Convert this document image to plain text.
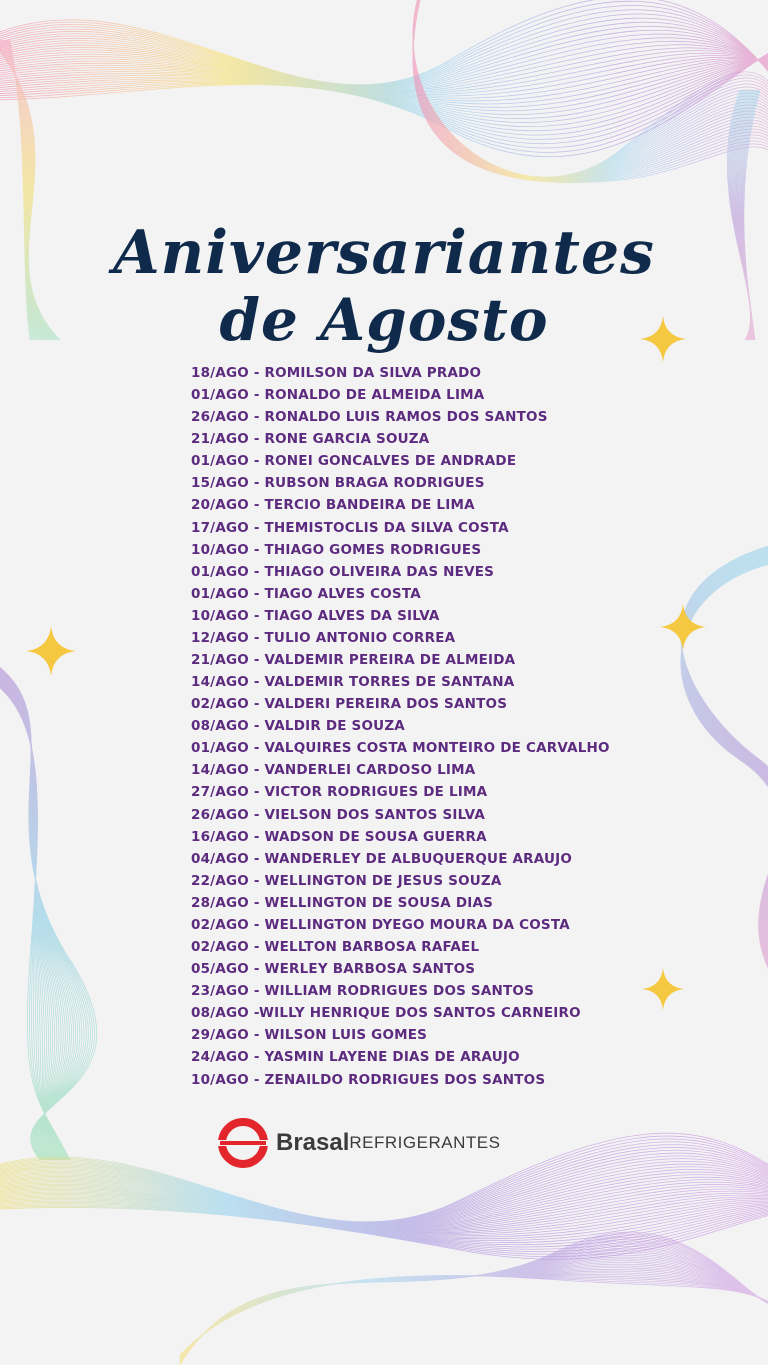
Aniversariantes
de Agosto
18/AGO - ROMILSON DA SILVA PRADO
01/AGO - RONALDO DE ALMEIDA LIMA
26/AGO - RONALDO LUIS RAMOS DOS SANTOS
21/AGO - RONE GARCIA SOUZA
01/AGO - RONEI GONCALVES DE ANDRADE
15/AGO - RUBSON BRAGA RODRIGUES
20/AGO - TERCIO BANDEIRA DE LIMA
17/AGO - THEMISTOCLIS DA SILVA COSTA
10/AGO - THIAGO GOMES RODRIGUES
01/AGO - THIAGO OLIVEIRA DAS NEVES
01/AGO - TIAGO ALVES COSTA
10/AGO - TIAGO ALVES DA SILVA
12/AGO - TULIO ANTONIO CORREA
21/AGO - VALDEMIR PEREIRA DE ALMEIDA
14/AGO - VALDEMIR TORRES DE SANTANA
02/AGO - VALDERI PEREIRA DOS SANTOS
08/AGO - VALDIR DE SOUZA
01/AGO - VALQUIRES COSTA MONTEIRO DE CARVALHO
14/AGO - VANDERLEI CARDOSO LIMA
27/AGO - VICTOR RODRIGUES DE LIMA
26/AGO - VIELSON DOS SANTOS SILVA
16/AGO - WADSON DE SOUSA GUERRA
04/AGO - WANDERLEY DE ALBUQUERQUE ARAUJO
22/AGO - WELLINGTON DE JESUS SOUZA
28/AGO - WELLINGTON DE SOUSA DIAS
02/AGO - WELLINGTON DYEGO MOURA DA COSTA
02/AGO - WELLTON BARBOSA RAFAEL
05/AGO - WERLEY BARBOSA SANTOS
23/AGO - WILLIAM RODRIGUES DOS SANTOS
08/AGO -WILLY HENRIQUE DOS SANTOS CARNEIRO
29/AGO - WILSON LUIS GOMES
24/AGO - YASMIN LAYENE DIAS DE ARAUJO
10/AGO - ZENAILDO RODRIGUES DOS SANTOS
Brasal REFRIGERANTES
